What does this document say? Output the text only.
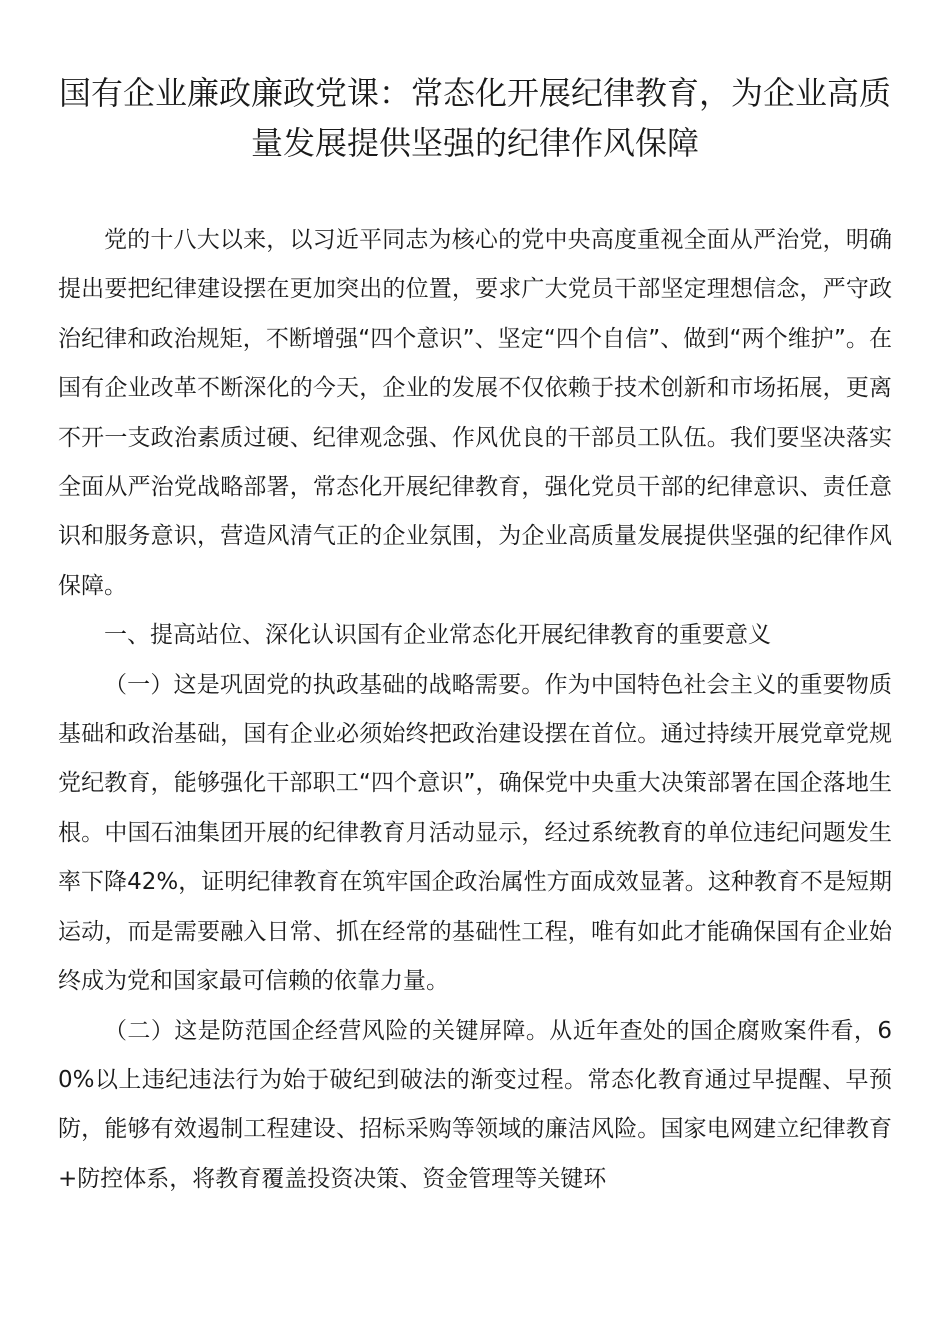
国有企业廉政廉政党课：常态化开展纪律教育，为企业高质量发展提供坚强的纪律作风保障

党的十八大以来，以习近平同志为核心的党中央高度重视全面从严治党，明确提出要把纪律建设摆在更加突出的位置，要求广大党员干部坚定理想信念，严守政治纪律和政治规矩，不断增强“四个意识”、坚定“四个自信”、做到“两个维护”。在国有企业改革不断深化的今天，企业的发展不仅依赖于技术创新和市场拓展，更离不开一支政治素质过硬、纪律观念强、作风优良的干部员工队伍。我们要坚决落实全面从严治党战略部署，常态化开展纪律教育，强化党员干部的纪律意识、责任意识和服务意识，营造风清气正的企业氛围，为企业高质量发展提供坚强的纪律作风保障。

一、提高站位、深化认识国有企业常态化开展纪律教育的重要意义

（一）这是巩固党的执政基础的战略需要。作为中国特色社会主义的重要物质基础和政治基础，国有企业必须始终把政治建设摆在首位。通过持续开展党章党规党纪教育，能够强化干部职工“四个意识”，确保党中央重大决策部署在国企落地生根。中国石油集团开展的纪律教育月活动显示，经过系统教育的单位违纪问题发生率下降42%，证明纪律教育在筑牢国企政治属性方面成效显著。这种教育不是短期运动，而是需要融入日常、抓在经常的基础性工程，唯有如此才能确保国有企业始终成为党和国家最可信赖的依靠力量。

（二）这是防范国企经营风险的关键屏障。从近年查处的国企腐败案件看，60%以上违纪违法行为始于破纪到破法的渐变过程。常态化教育通过早提醒、早预防，能够有效遏制工程建设、招标采购等领域的廉洁风险。国家电网建立纪律教育+防控体系，将教育覆盖投资决策、资金管理等关键环
